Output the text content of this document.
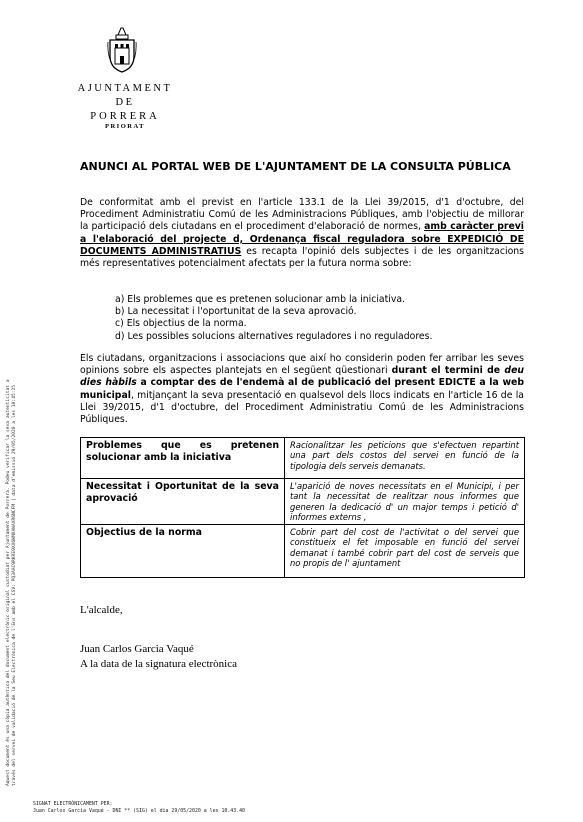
AJUNTAMENT
DE
PORRERA
PRIORAT
ANUNCI AL PORTAL WEB DE L'AJUNTAMENT DE LA CONSULTA PÚBLICA
De conformitat amb el previst en l'article 133.1 de la Llei 39/2015, d'1 d'octubre, del Procediment Administratiu Comú de les Administracions Públiques, amb l'objectiu de millorar la participació dels ciutadans en el procediment d'elaboració de normes, amb caràcter previ a l'elaboració del projecte d, Ordenança fiscal reguladora sobre EXPEDICIÓ DE DOCUMENTS ADMINISTRATIUS es recapta l'opinió dels subjectes i de les organitzacions més representatives potencialment afectats per la futura norma sobre:
a) Els problemes que es pretenen solucionar amb la iniciativa.
b) La necessitat i l'oportunitat de la seva aprovació.
c) Els objectius de la norma.
d) Les possibles solucions alternatives reguladores i no reguladores.
Els ciutadans, organitzacions i associacions que així ho considerin poden fer arribar les seves opinions sobre els aspectes plantejats en el següent qüestionari durant el termini de deu dies hàbils a comptar des de l'endemà al de publicació del present EDICTE a la web municipal, mitjançant la seva presentació en qualsevol dels llocs indicats en l'article 16 de la Llei 39/2015, d'1 d'octubre, del Procediment Administratiu Comú de les Administracions Públiques.
Problemes que es pretenen solucionar amb la iniciativa	Racionalitzar les peticions que s'efectuen repartint una part dels costos del servei en funció de la tipologia dels serveis demanats.
Necessitat i Oportunitat de la seva aprovació	L'aparició de noves necessitats en el Municipi, i per tant la necessitat de realitzar nous informes que generen la dedicació d' un major temps i petició d' informes externs ,
Objectius de la norma	Cobrir part del cost de l'activitat o del servei que constitueix el fet imposable en funció del servei demanat i també cobrir part del cost de serveis que no propis de l' ajuntament
L'alcalde,
Juan Carlos Garcia Vaqué
A la data de la signatura electrònica
Aquest document és una còpia autèntica del document electrònic original custodiat per Ajuntament de Porrera. Podeu verificar la seva autenticitat a través del servei de validació de la Seu Electrònica de l'Ens amb el CSV: PQ3AAC9RKRE9XX6WMXAWAXR6NCFM | data d'emissió 29/05/2020 a les 10:45:25
SIGNAT ELECTRÒNICAMENT PER:
Juan Carlos Garcia Vaqué - DNI ** (SIG) el dia 29/05/2020 a les 10.43.40
